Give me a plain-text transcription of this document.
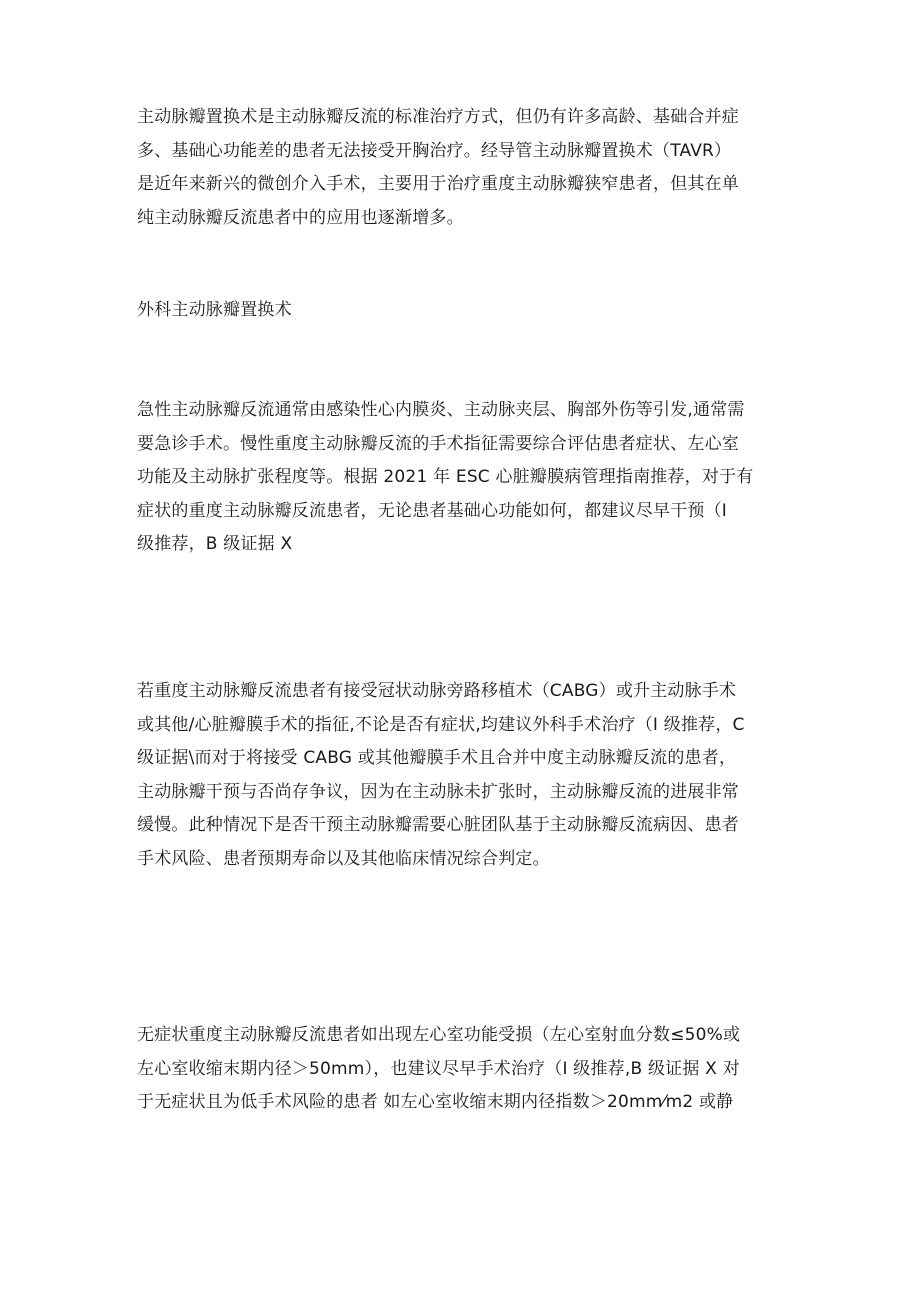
主动脉瓣置换术是主动脉瓣反流的标准治疗方式，但仍有许多高龄、基础合并症
多、基础心功能差的患者无法接受开胸治疗。经导管主动脉瓣置换术（TAVR）
是近年来新兴的微创介入手术，主要用于治疗重度主动脉瓣狭窄患者，但其在单
纯主动脉瓣反流患者中的应用也逐渐增多。
外科主动脉瓣置换术
急性主动脉瓣反流通常由感染性心内膜炎、主动脉夹层、胸部外伤等引发,通常需
要急诊手术。慢性重度主动脉瓣反流的手术指征需要综合评估患者症状、左心室
功能及主动脉扩张程度等。根据 2021 年 ESC 心脏瓣膜病管理指南推荐，对于有
症状的重度主动脉瓣反流患者，无论患者基础心功能如何，都建议尽早干预（I
级推荐，B 级证据 X
若重度主动脉瓣反流患者有接受冠状动脉旁路移植术（CABG）或升主动脉手术
或其他/心脏瓣膜手术的指征,不论是否有症状,均建议外科手术治疗（I 级推荐，C
级证据\而对于将接受 CABG 或其他瓣膜手术且合并中度主动脉瓣反流的患者，
主动脉瓣干预与否尚存争议，因为在主动脉未扩张时，主动脉瓣反流的进展非常
缓慢。此种情况下是否干预主动脉瓣需要心脏团队基于主动脉瓣反流病因、患者
手术风险、患者预期寿命以及其他临床情况综合判定。
无症状重度主动脉瓣反流患者如出现左心室功能受损（左心室射血分数≤50%或
左心室收缩末期内径＞50mm），也建议尽早手术治疗（I 级推荐,B 级证据 X 对
于无症状且为低手术风险的患者 如左心室收缩末期内径指数＞20mm⁄m2 或静
